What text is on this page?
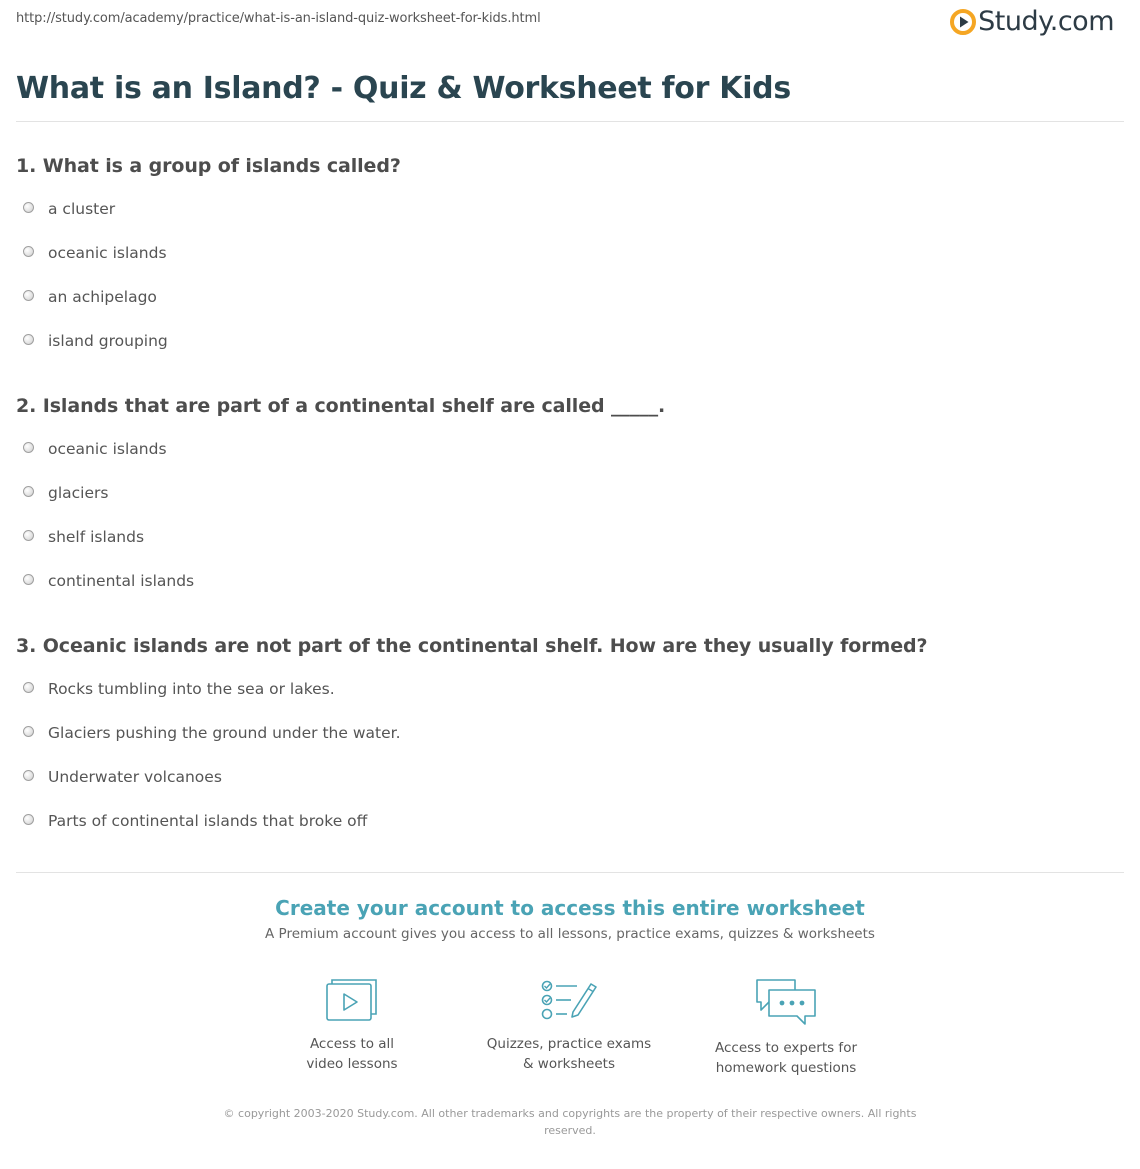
http://study.com/academy/practice/what-is-an-island-quiz-worksheet-for-kids.html	Study.com
What is an Island? - Quiz & Worksheet for Kids
1. What is a group of islands called?
a cluster
oceanic islands
an achipelago
island grouping
2. Islands that are part of a continental shelf are called _____.
oceanic islands
glaciers
shelf islands
continental islands
3. Oceanic islands are not part of the continental shelf. How are they usually formed?
Rocks tumbling into the sea or lakes.
Glaciers pushing the ground under the water.
Underwater volcanoes
Parts of continental islands that broke off
Create your account to access this entire worksheet
A Premium account gives you access to all lessons, practice exams, quizzes & worksheets
Access to all
video lessons
Quizzes, practice exams
& worksheets
Access to experts for
homework questions
© copyright 2003-2020 Study.com. All other trademarks and copyrights are the property of their respective owners. All rights
reserved.
